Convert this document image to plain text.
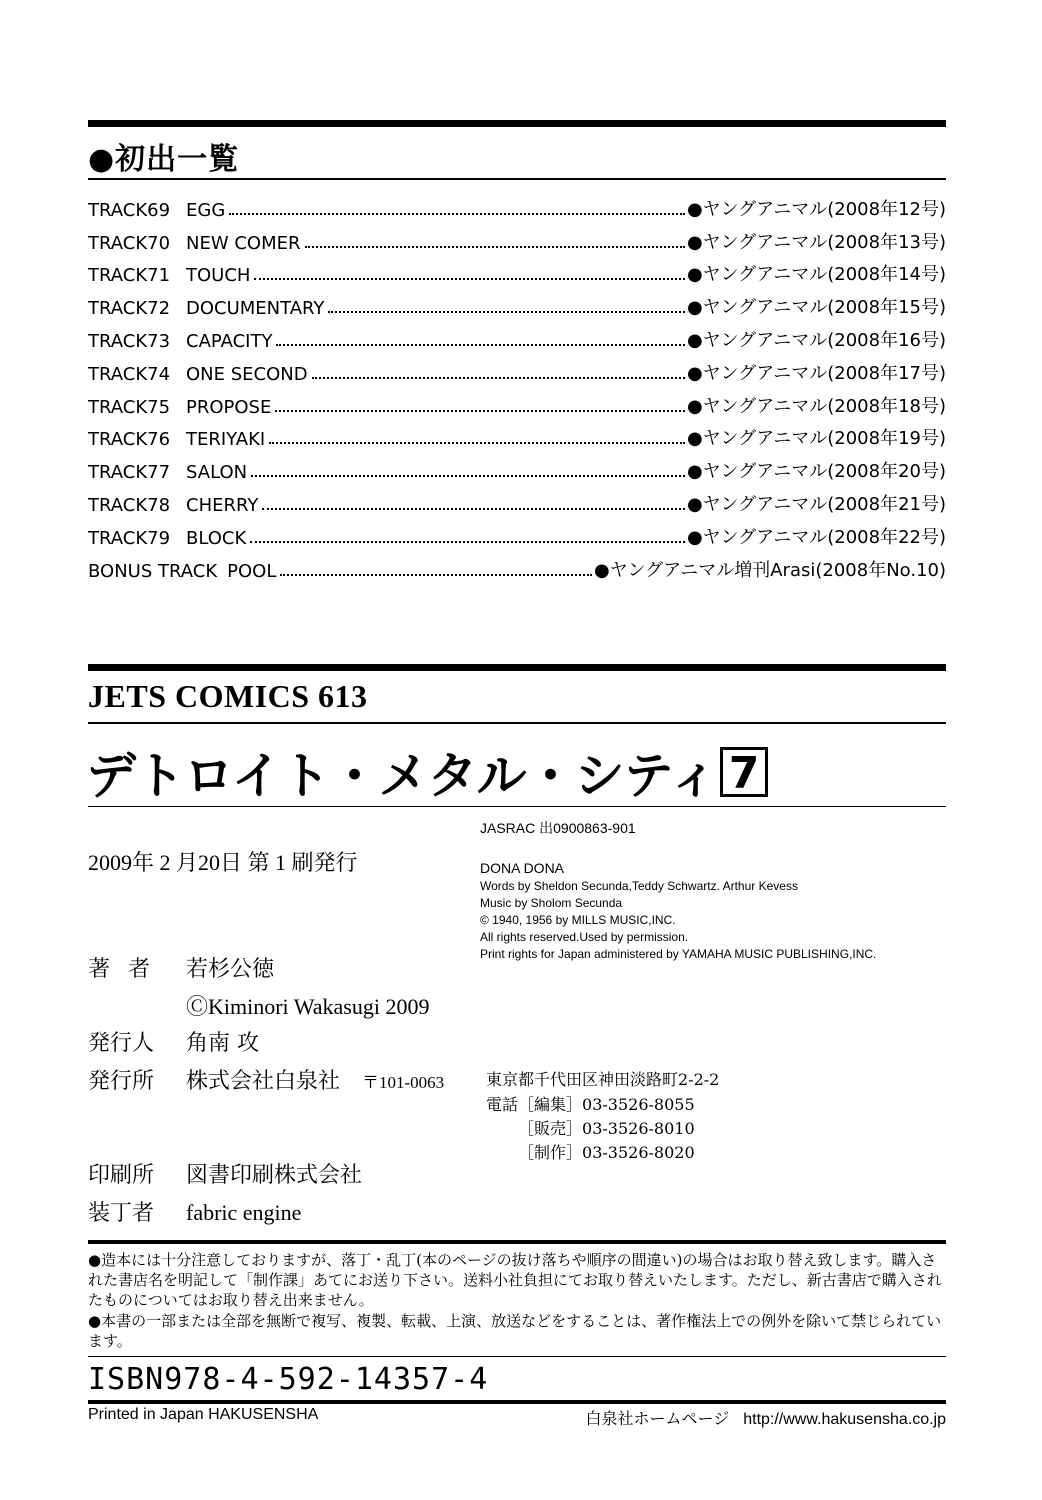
●初出一覧
TRACK69 EGG	●ヤングアニマル(2008年12号)
TRACK70 NEW COMER	●ヤングアニマル(2008年13号)
TRACK71 TOUCH	●ヤングアニマル(2008年14号)
TRACK72 DOCUMENTARY	●ヤングアニマル(2008年15号)
TRACK73 CAPACITY	●ヤングアニマル(2008年16号)
TRACK74 ONE SECOND	●ヤングアニマル(2008年17号)
TRACK75 PROPOSE	●ヤングアニマル(2008年18号)
TRACK76 TERIYAKI	●ヤングアニマル(2008年19号)
TRACK77 SALON	●ヤングアニマル(2008年20号)
TRACK78 CHERRY	●ヤングアニマル(2008年21号)
TRACK79 BLOCK	●ヤングアニマル(2008年22号)
BONUS TRACK POOL	●ヤングアニマル増刊Arasi(2008年No.10)
JETS COMICS 613
デトロイト・メタル・シティ 7
2009年 2 月20日 第 1 刷発行
JASRAC 出0900863-901
DONA DONA
Words by Sheldon Secunda,Teddy Schwartz. Arthur Kevess
Music by Sholom Secunda
© 1940, 1956 by MILLS MUSIC,INC.
All rights reserved.Used by permission.
Print rights for Japan administered by YAMAHA MUSIC PUBLISHING,INC.
著者 若杉公徳
ⒸKiminori Wakasugi 2009
発行人 角南 攻
発行所 株式会社白泉社 〒101-0063	東京都千代田区神田淡路町2-2-2
電話［編集］03-3526-8055
［販売］03-3526-8010
［制作］03-3526-8020
印刷所 図書印刷株式会社
装丁者 fabric engine

●造本には十分注意しておりますが、落丁・乱丁(本のページの抜け落ちや順序の間違い)の場合はお取り替え致します。購入された書店名を明記して「制作課」あてにお送り下さい。送料小社負担にてお取り替えいたします。ただし、新古書店で購入されたものについてはお取り替え出来ません。

●本書の一部または全部を無断で複写、複製、転載、上演、放送などをすることは、著作権法上での例外を除いて禁じられています。

ISBN978-4-592-14357-4
Printed in Japan HAKUSENSHA	白泉社ホームページ http://www.hakusensha.co.jp
